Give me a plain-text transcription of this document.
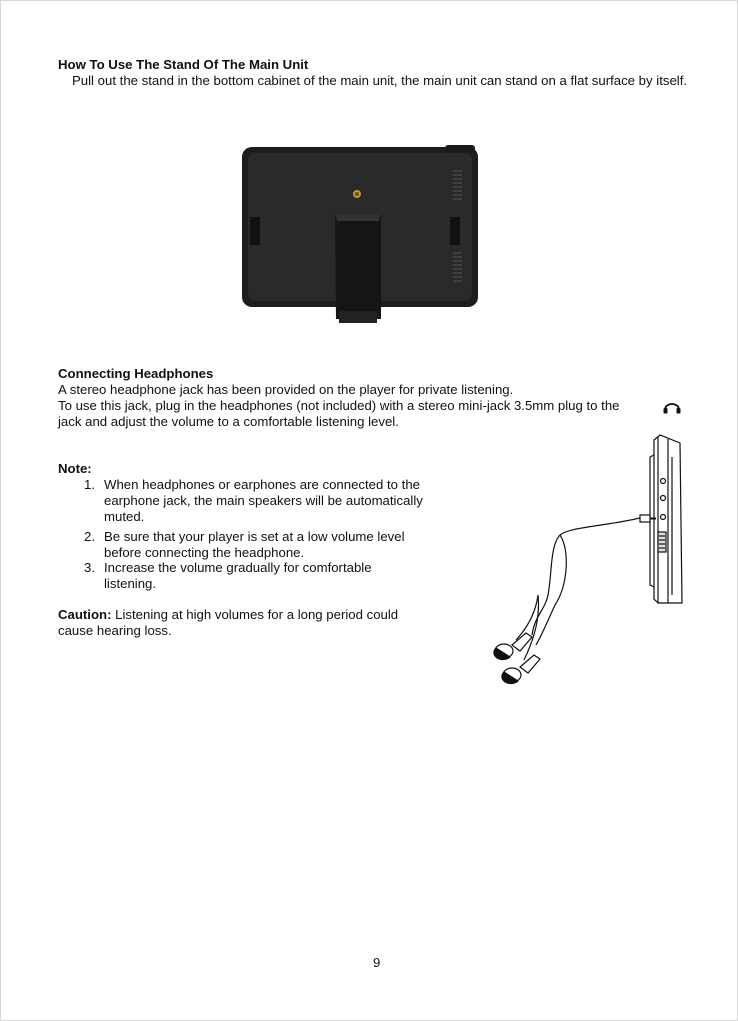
How To Use The Stand Of The Main Unit
Pull out the stand in the bottom cabinet of the main unit, the main unit can stand on a flat surface by itself.
Connecting Headphones
A stereo headphone jack has been provided on the player for private listening.
To use this jack, plug in the headphones (not included) with a stereo mini-jack 3.5mm plug to the
jack and adjust the volume to a comfortable listening level.
Note:
1. When headphones or earphones are connected to the
earphone jack, the main speakers will be automatically
muted.
2. Be sure that your player is set at a low volume level
before connecting the headphone.
3. Increase the volume gradually for comfortable
listening.
Caution: Listening at high volumes for a long period could
cause hearing loss.
9
